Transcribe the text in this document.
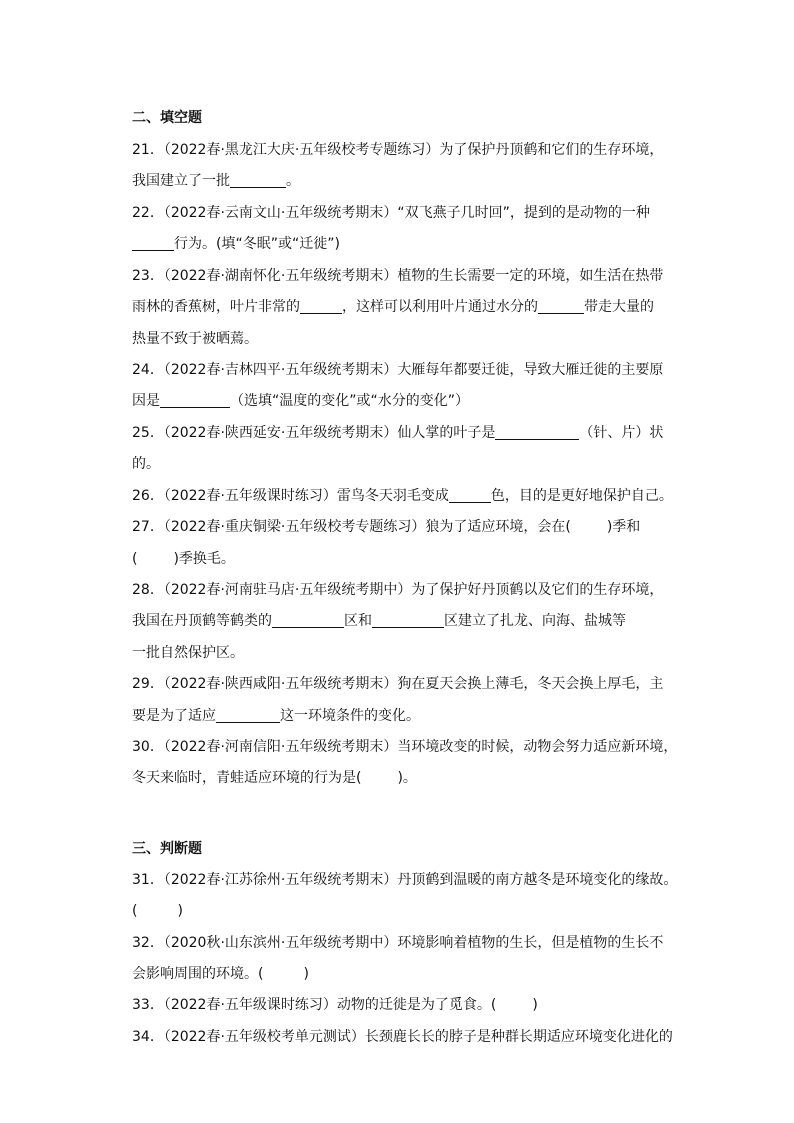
二、填空题
21．（2022春·黑龙江大庆·五年级校考专题练习）为了保护丹顶鹤和它们的生存环境，
我国建立了一批	。
22．（2022春·云南文山·五年级统考期末）“双飞燕子几时回”，提到的是动物的一种
行为。(填“冬眠”或“迁徙”)
23．（2022春·湖南怀化·五年级统考期末）植物的生长需要一定的环境，如生活在热带
雨林的香蕉树，叶片非常的	，这样可以利用叶片通过水分的	带走大量的
热量不致于被晒蔫。
24．（2022春·吉林四平·五年级统考期末）大雁每年都要迁徙，导致大雁迁徙的主要原
因是	（选填“温度的变化”或“水分的变化”）
25．（2022春·陕西延安·五年级统考期末）仙人掌的叶子是	（针、片）状
的。
26．（2022春·五年级课时练习）雷鸟冬天羽毛变成	色，目的是更好地保护自己。
27．（2022春·重庆铜梁·五年级校考专题练习）狼为了适应环境，会在(	)季和
(	)季换毛。
28．（2022春·河南驻马店·五年级统考期中）为了保护好丹顶鹤以及它们的生存环境，
我国在丹顶鹤等鹤类的	区和	区建立了扎龙、向海、盐城等
一批自然保护区。
29．（2022春·陕西咸阳·五年级统考期末）狗在夏天会换上薄毛，冬天会换上厚毛，主
要是为了适应	这一环境条件的变化。
30．（2022春·河南信阳·五年级统考期末）当环境改变的时候，动物会努力适应新环境，
冬天来临时，青蛙适应环境的行为是(	)。
三、判断题
31．（2022春·江苏徐州·五年级统考期末）丹顶鹤到温暖的南方越冬是环境变化的缘故。
(	)
32．（2020秋·山东滨州·五年级统考期中）环境影响着植物的生长，但是植物的生长不
会影响周围的环境。(	)
33．（2022春·五年级课时练习）动物的迁徙是为了觅食。(	)
34．（2022春·五年级校考单元测试）长颈鹿长长的脖子是种群长期适应环境变化进化的
